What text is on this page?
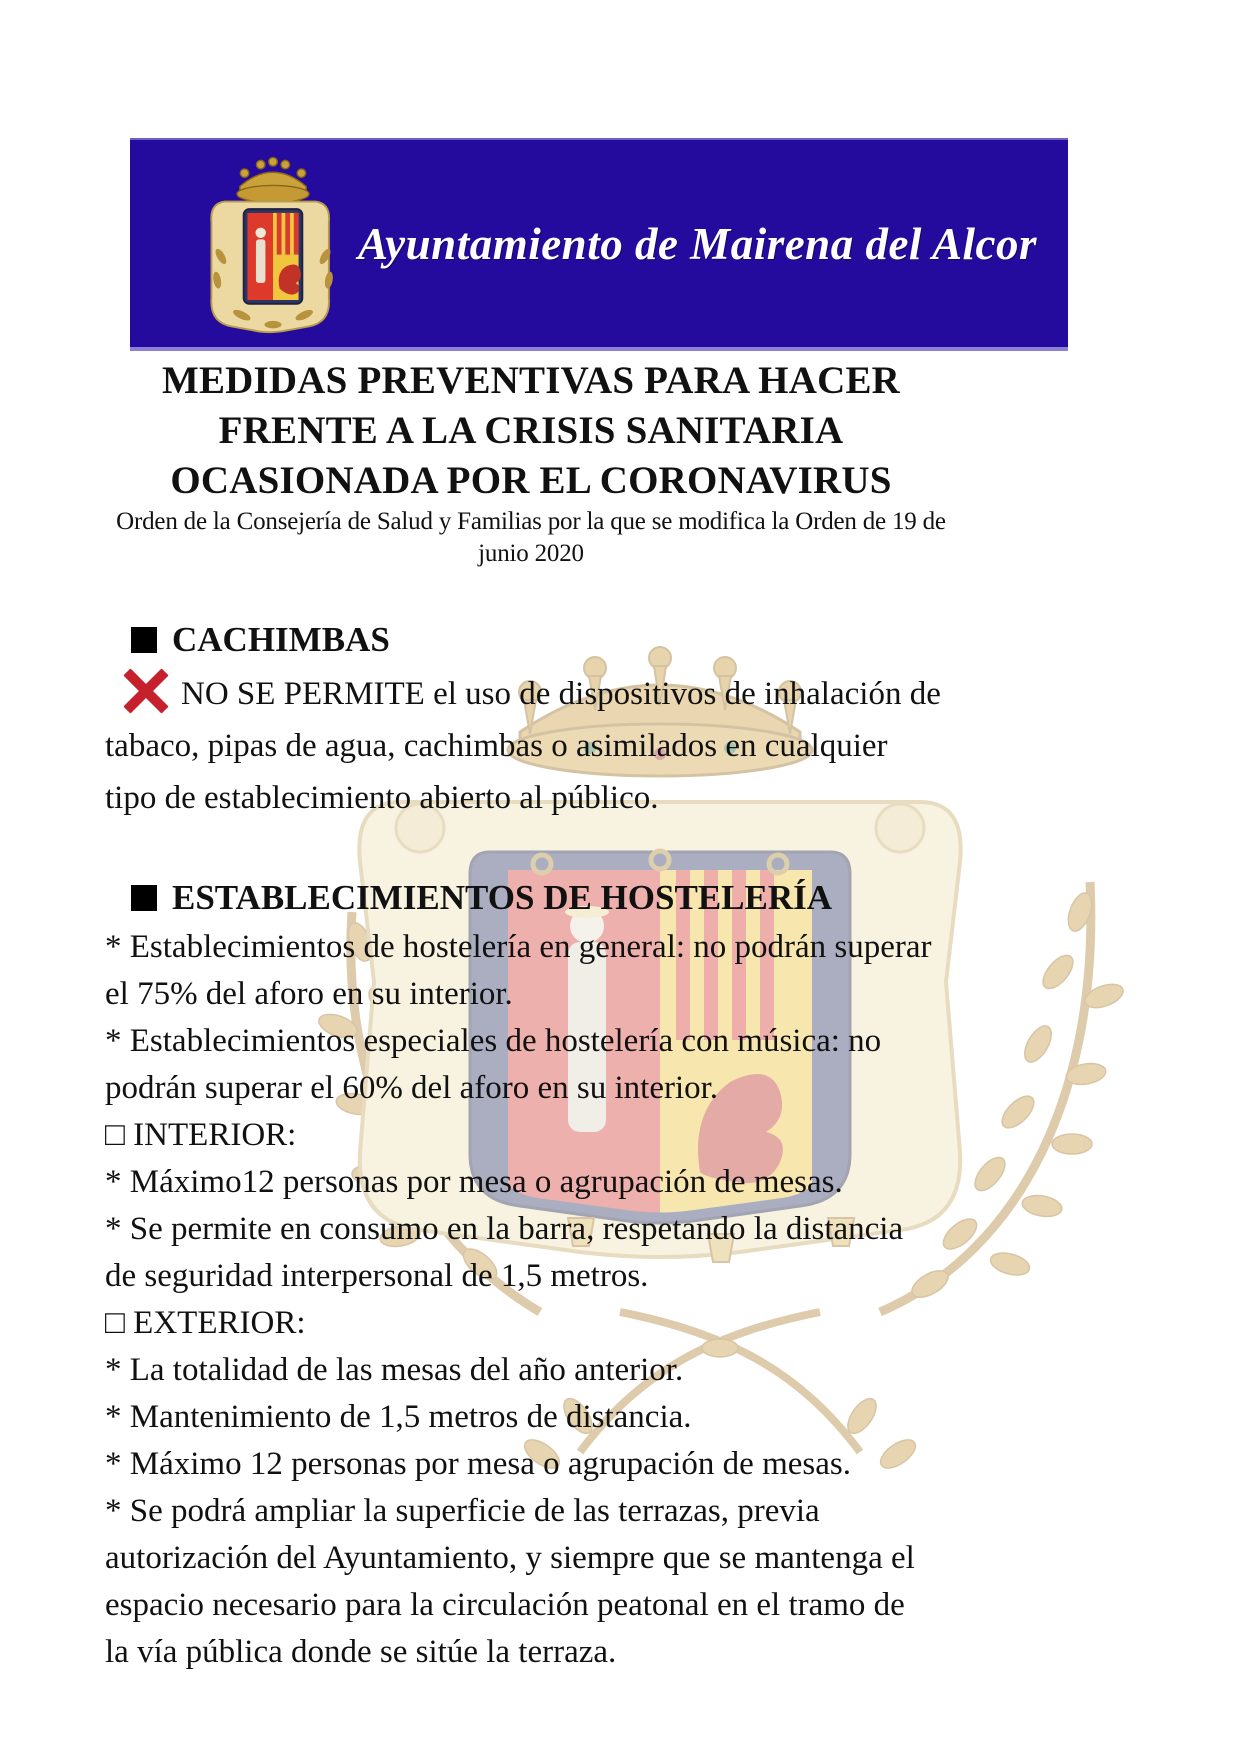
Ayuntamiento de Mairena del Alcor
MEDIDAS PREVENTIVAS PARA HACER
FRENTE A LA CRISIS SANITARIA
OCASIONADA POR EL CORONAVIRUS
Orden de la Consejería de Salud y Familias por la que se modifica la Orden de 19 de junio 2020
CACHIMBAS
NO SE PERMITE el uso de dispositivos de inhalación de
tabaco, pipas de agua, cachimbas o asimilados en cualquier
tipo de establecimiento abierto al público.
ESTABLECIMIENTOS DE HOSTELERÍA
* Establecimientos de hostelería en general: no podrán superar
el 75% del aforo en su interior.
* Establecimientos especiales de hostelería con música: no
podrán superar el 60% del aforo en su interior.
□ INTERIOR:
* Máximo12 personas por mesa o agrupación de mesas.
* Se permite en consumo en la barra, respetando la distancia
de seguridad interpersonal de 1,5 metros.
□ EXTERIOR:
* La totalidad de las mesas del año anterior.
* Mantenimiento de 1,5 metros de distancia.
* Máximo 12 personas por mesa o agrupación de mesas.
* Se podrá ampliar la superficie de las terrazas, previa
autorización del Ayuntamiento, y siempre que se mantenga el
espacio necesario para la circulación peatonal en el tramo de
la vía pública donde se sitúe la terraza.
